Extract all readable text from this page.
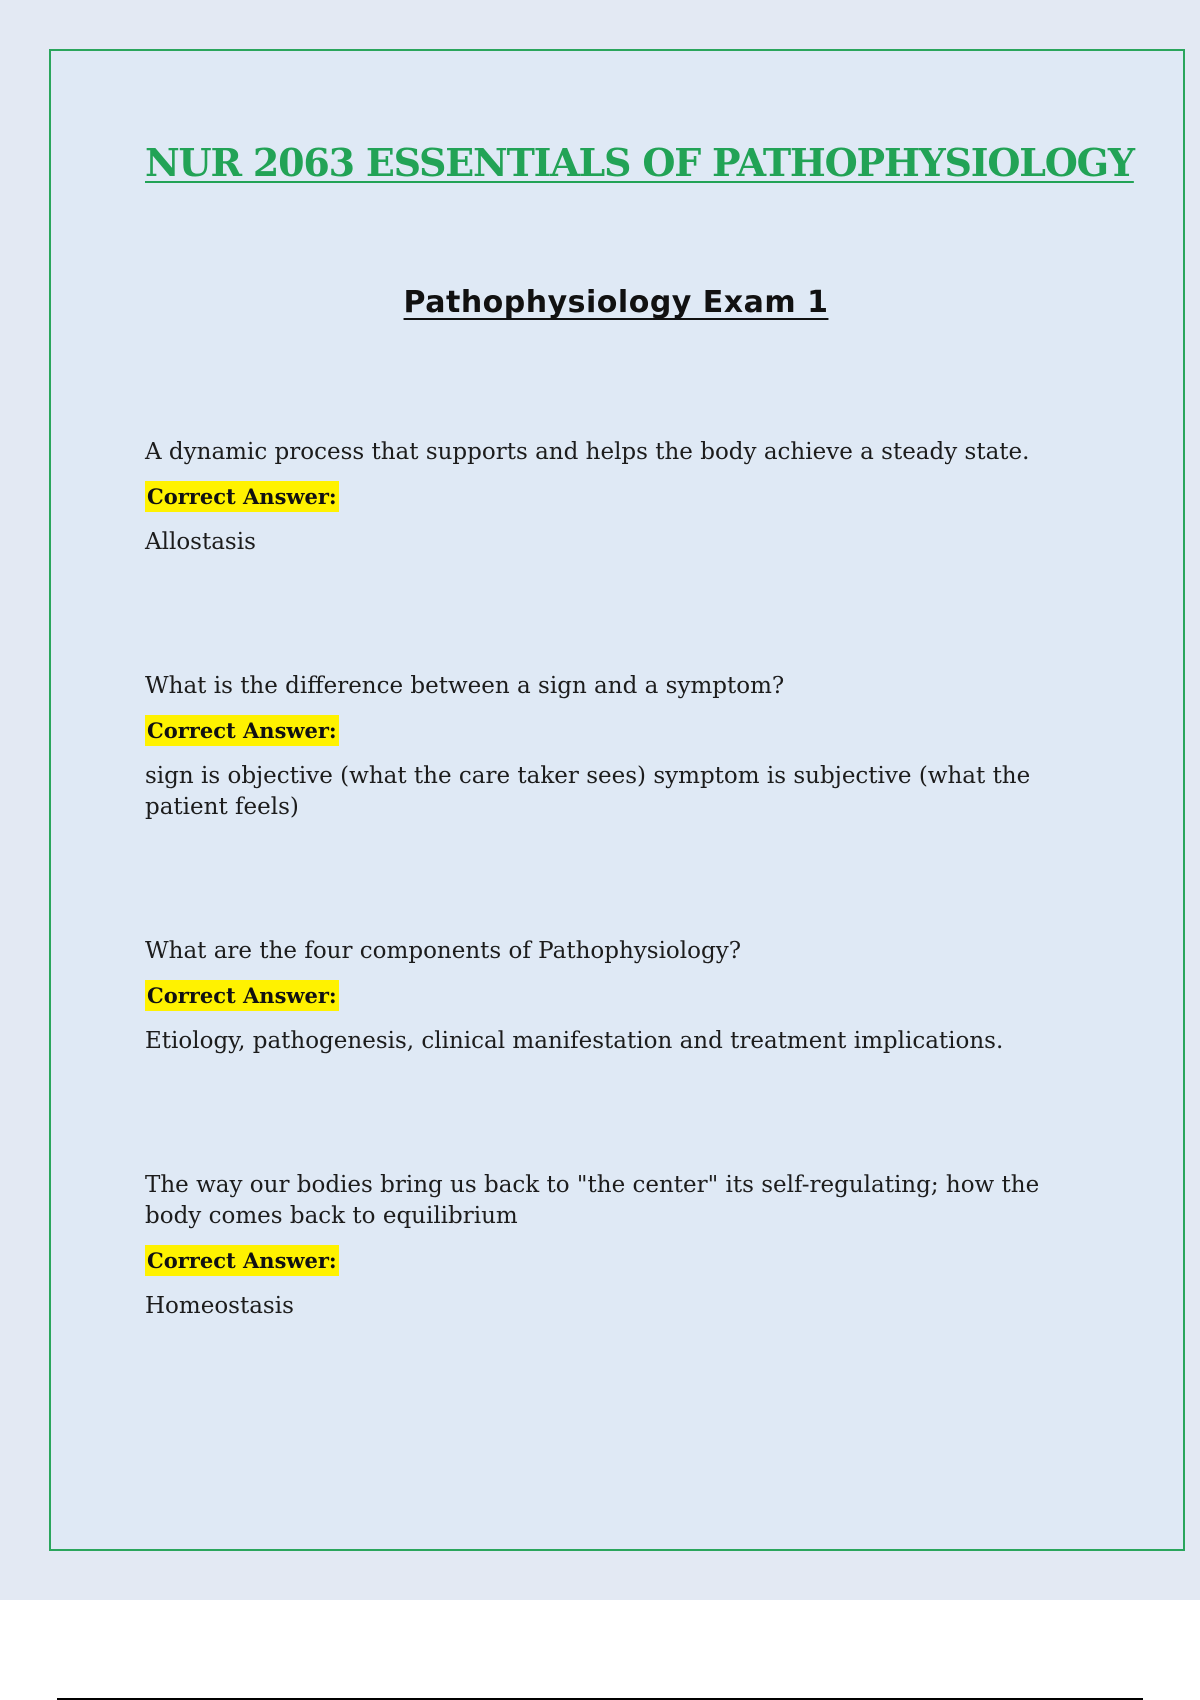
NUR 2063 ESSENTIALS OF PATHOPHYSIOLOGY
Pathophysiology Exam 1

A dynamic process that supports and helps the body achieve a steady state.

Correct Answer:

Allostasis

What is the difference between a sign and a symptom?

Correct Answer:

sign is objective (what the care taker sees) symptom is subjective (what the patient feels)

What are the four components of Pathophysiology?

Correct Answer:

Etiology, pathogenesis, clinical manifestation and treatment implications.

The way our bodies bring us back to "the center" its self-regulating; how the body comes back to equilibrium

Correct Answer:

Homeostasis
